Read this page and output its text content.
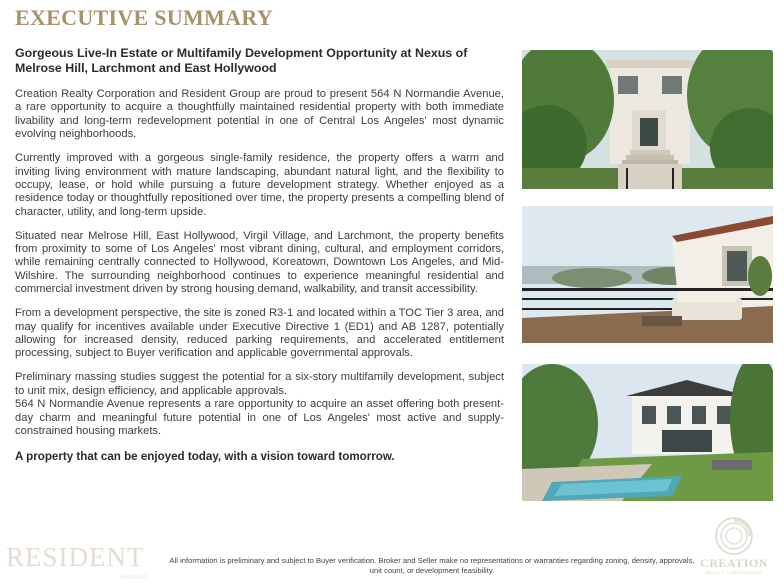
EXECUTIVE SUMMARY

Gorgeous Live-In Estate or Multifamily Development Opportunity at Nexus of Melrose Hill, Larchmont and East Hollywood

Creation Realty Corporation and Resident Group are proud to present 564 N Normandie Avenue, a rare opportunity to acquire a thoughtfully maintained residential property with both immediate livability and long-term redevelopment potential in one of Central Los Angeles' most dynamic evolving neighborhoods.

Currently improved with a gorgeous single-family residence, the property offers a warm and inviting living environment with mature landscaping, abundant natural light, and the flexibility to occupy, lease, or hold while pursuing a future development strategy. Whether enjoyed as a residence today or thoughtfully repositioned over time, the property presents a compelling blend of character, utility, and long-term upside.

Situated near Melrose Hill, East Hollywood, Virgil Village, and Larchmont, the property benefits from proximity to some of Los Angeles' most vibrant dining, cultural, and employment corridors, while remaining centrally connected to Hollywood, Koreatown, Downtown Los Angeles, and Mid-Wilshire. The surrounding neighborhood continues to experience meaningful residential and commercial investment driven by strong housing demand, walkability, and transit accessibility.

From a development perspective, the site is zoned R3-1 and located within a TOC Tier 3 area, and may qualify for incentives available under Executive Directive 1 (ED1) and AB 1287, potentially allowing for increased density, reduced parking requirements, and accelerated entitlement processing, subject to Buyer verification and applicable governmental approvals.

Preliminary massing studies suggest the potential for a six-story multifamily development, subject to unit mix, design efficiency, and applicable approvals.

564 N Normandie Avenue represents a rare opportunity to acquire an asset offering both present-day charm and meaningful future potential in one of Los Angeles' most active and supply-constrained housing markets.

A property that can be enjoyed today, with a vision toward tomorrow.

All information is preliminary and subject to Buyer verification. Broker and Seller make no representations or warranties regarding zoning, density, approvals, unit count, or development feasibility.
RESIDENT
GROUP
CREATION
REALTY CORPORATION
